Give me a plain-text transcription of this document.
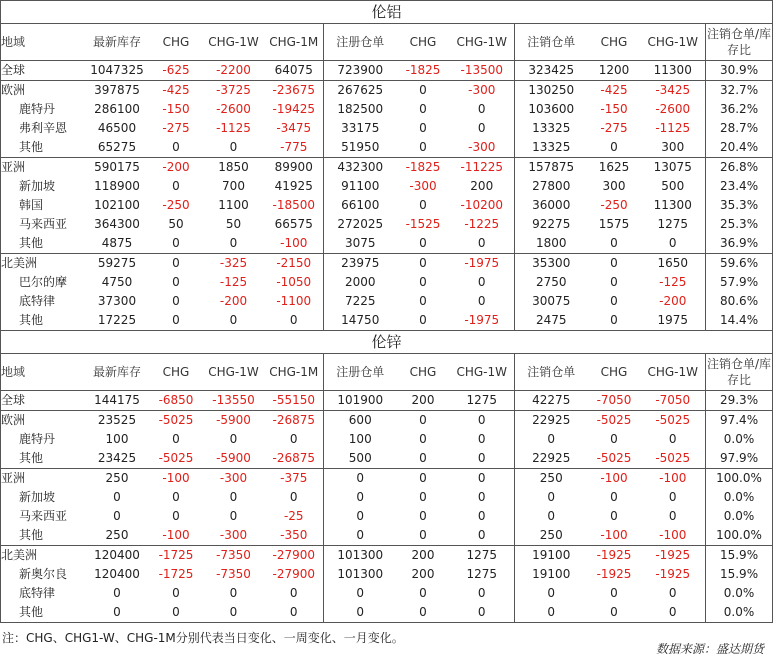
伦铝											
地域	最新库存	CHG	CHG-1W	CHG-1M	注册仓单	CHG	CHG-1W	注销仓单	CHG	CHG-1W	注销仓单/库存比
全球	1047325	-625	-2200	64075	723900	-1825	-13500	323425	1200	11300	30.9%
欧洲	397875	-425	-3725	-23675	267625	0	-300	130250	-425	-3425	32.7%
鹿特丹	286100	-150	-2600	-19425	182500	0	0	103600	-150	-2600	36.2%
弗利辛恩	46500	-275	-1125	-3475	33175	0	0	13325	-275	-1125	28.7%
其他	65275	0	0	-775	51950	0	-300	13325	0	300	20.4%
亚洲	590175	-200	1850	89900	432300	-1825	-11225	157875	1625	13075	26.8%
新加坡	118900	0	700	41925	91100	-300	200	27800	300	500	23.4%
韩国	102100	-250	1100	-18500	66100	0	-10200	36000	-250	11300	35.3%
马来西亚	364300	50	50	66575	272025	-1525	-1225	92275	1575	1275	25.3%
其他	4875	0	0	-100	3075	0	0	1800	0	0	36.9%
北美洲	59275	0	-325	-2150	23975	0	-1975	35300	0	1650	59.6%
巴尔的摩	4750	0	-125	-1050	2000	0	0	2750	0	-125	57.9%
底特律	37300	0	-200	-1100	7225	0	0	30075	0	-200	80.6%
其他	17225	0	0	0	14750	0	-1975	2475	0	1975	14.4%
伦锌											
地域	最新库存	CHG	CHG-1W	CHG-1M	注册仓单	CHG	CHG-1W	注销仓单	CHG	CHG-1W	注销仓单/库存比
全球	144175	-6850	-13550	-55150	101900	200	1275	42275	-7050	-7050	29.3%
欧洲	23525	-5025	-5900	-26875	600	0	0	22925	-5025	-5025	97.4%
鹿特丹	100	0	0	0	100	0	0	0	0	0	0.0%
其他	23425	-5025	-5900	-26875	500	0	0	22925	-5025	-5025	97.9%
亚洲	250	-100	-300	-375	0	0	0	250	-100	-100	100.0%
新加坡	0	0	0	0	0	0	0	0	0	0	0.0%
马来西亚	0	0	0	-25	0	0	0	0	0	0	0.0%
其他	250	-100	-300	-350	0	0	0	250	-100	-100	100.0%
北美洲	120400	-1725	-7350	-27900	101300	200	1275	19100	-1925	-1925	15.9%
新奥尔良	120400	-1725	-7350	-27900	101300	200	1275	19100	-1925	-1925	15.9%
底特律	0	0	0	0	0	0	0	0	0	0	0.0%
其他	0	0	0	0	0	0	0	0	0	0	0.0%
注：CHG、CHG1-W、CHG-1M分别代表当日变化、一周变化、一月变化。
数据来源：盛达期货
